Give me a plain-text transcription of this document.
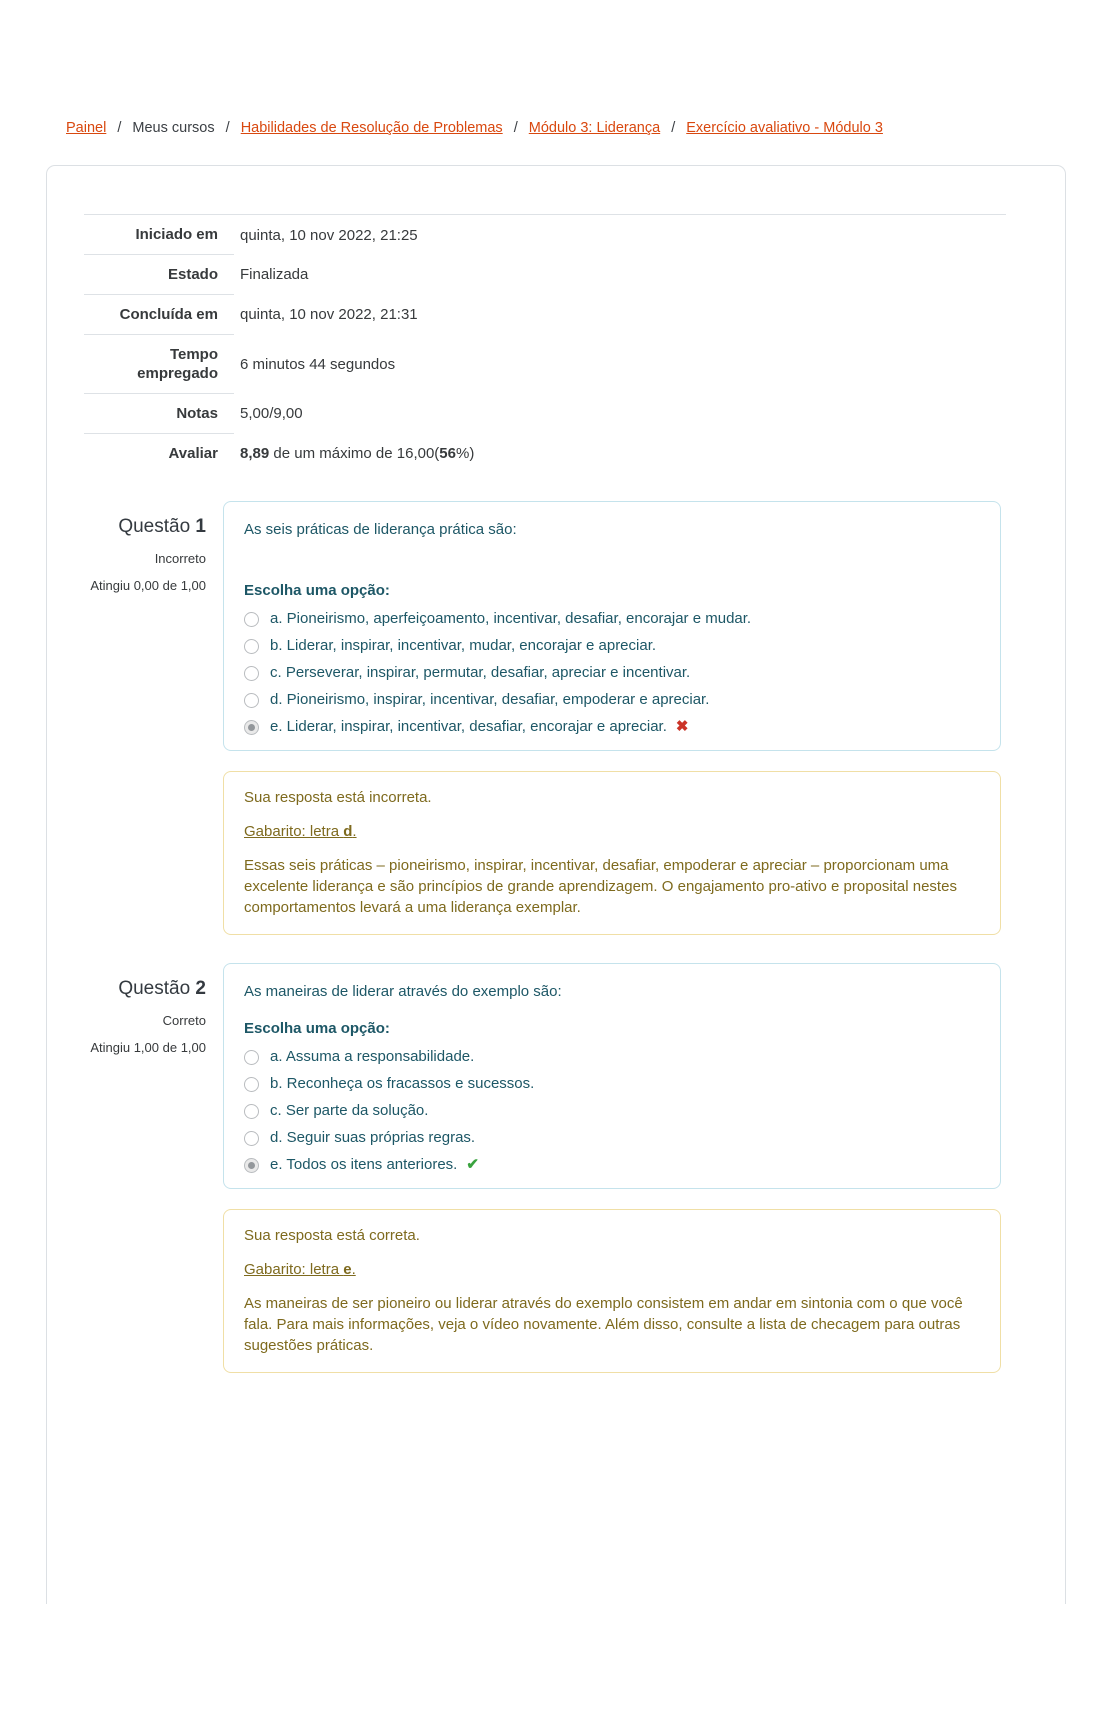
Painel / Meus cursos / Habilidades de Resolução de Problemas / Módulo 3: Liderança / Exercício avaliativo - Módulo 3
Iniciado em	quinta, 10 nov 2022, 21:25
Estado	Finalizada
Concluída em	quinta, 10 nov 2022, 21:31
Tempo empregado	6 minutos 44 segundos
Notas	5,00/9,00
Avaliar	8,89 de um máximo de 16,00(56%)
Questão 1
Incorreto
Atingiu 0,00 de 1,00
As seis práticas de liderança prática são:
Escolha uma opção:
a. Pioneirismo, aperfeiçoamento, incentivar, desafiar, encorajar e mudar.
b. Liderar, inspirar, incentivar, mudar, encorajar e apreciar.
c. Perseverar, inspirar, permutar, desafiar, apreciar e incentivar.
d. Pioneirismo, inspirar, incentivar, desafiar, empoderar e apreciar.
e. Liderar, inspirar, incentivar, desafiar, encorajar e apreciar. ✖
Sua resposta está incorreta.
Gabarito: letra d.
Essas seis práticas – pioneirismo, inspirar, incentivar, desafiar, empoderar e apreciar – proporcionam uma excelente liderança e são princípios de grande aprendizagem. O engajamento pro-ativo e proposital nestes comportamentos levará a uma liderança exemplar.
Questão 2
Correto
Atingiu 1,00 de 1,00
As maneiras de liderar através do exemplo são:
Escolha uma opção:
a. Assuma a responsabilidade.
b. Reconheça os fracassos e sucessos.
c. Ser parte da solução.
d. Seguir suas próprias regras.
e. Todos os itens anteriores. ✔
Sua resposta está correta.
Gabarito: letra e.
As maneiras de ser pioneiro ou liderar através do exemplo consistem em andar em sintonia com o que você fala. Para mais informações, veja o vídeo novamente. Além disso, consulte a lista de checagem para outras sugestões práticas.
